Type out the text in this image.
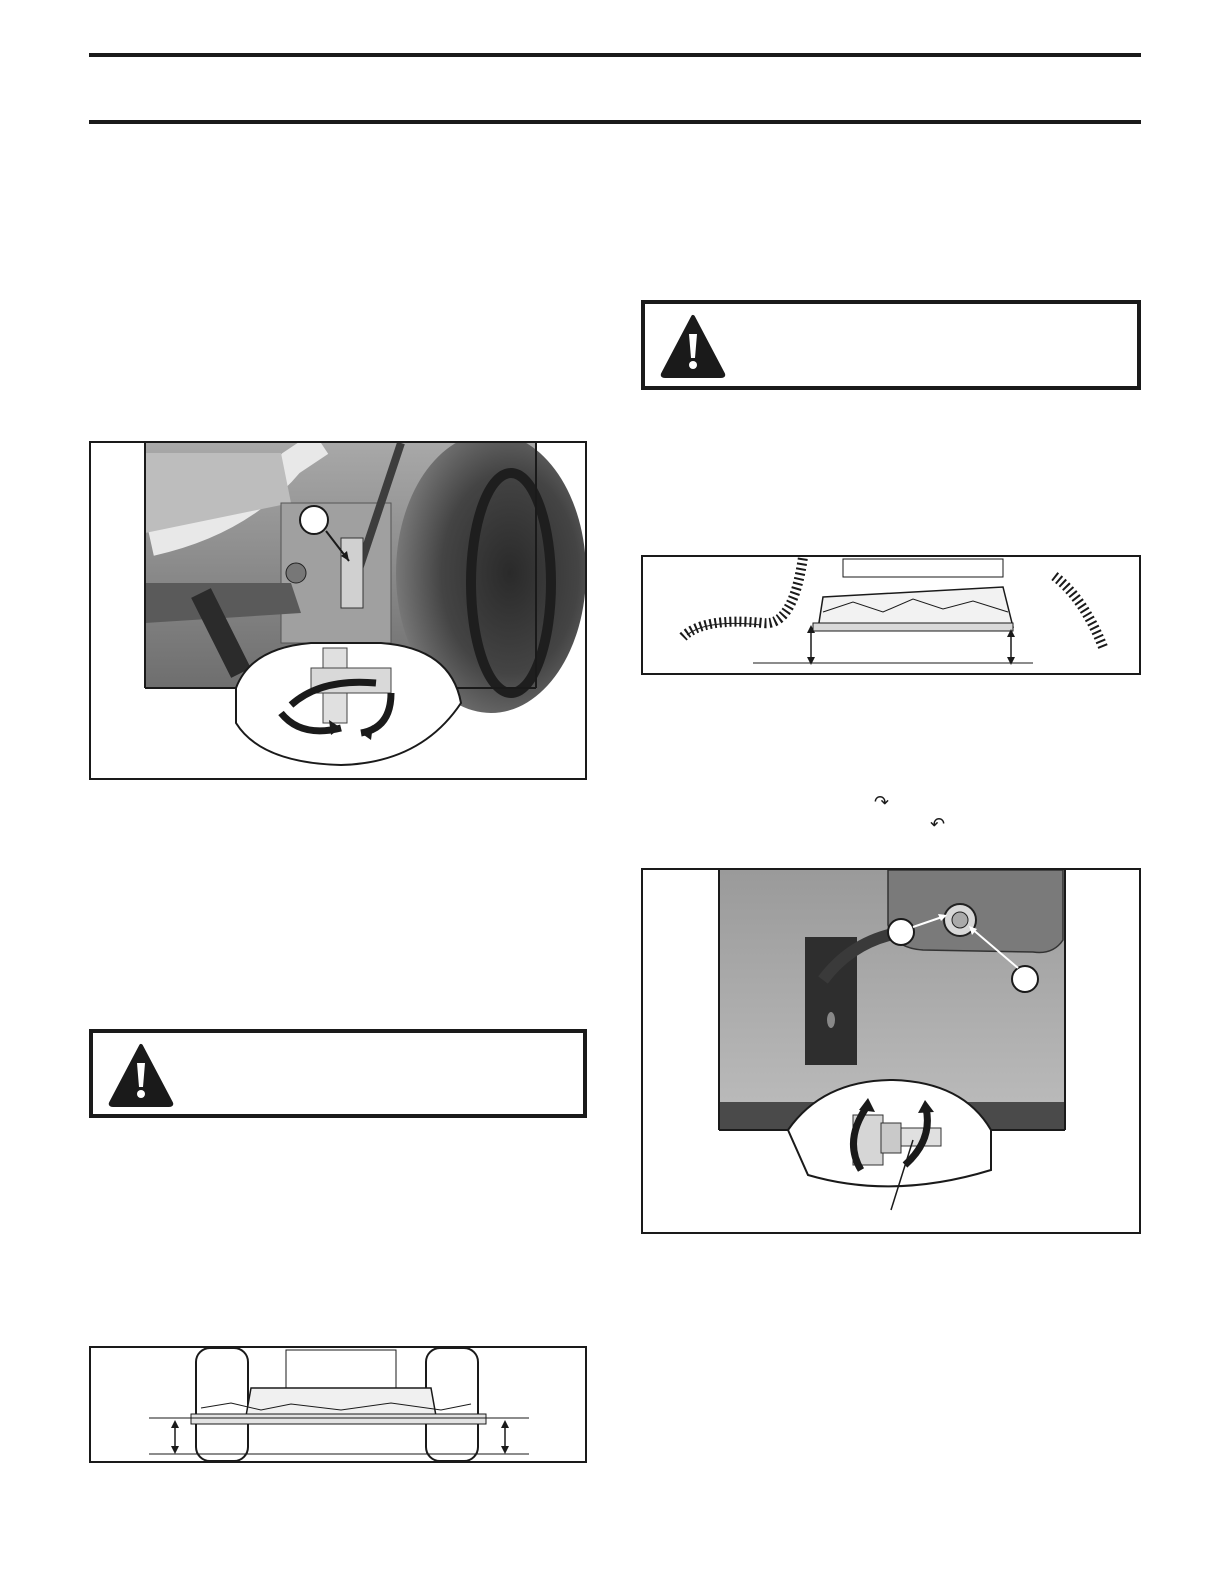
↷
↶
